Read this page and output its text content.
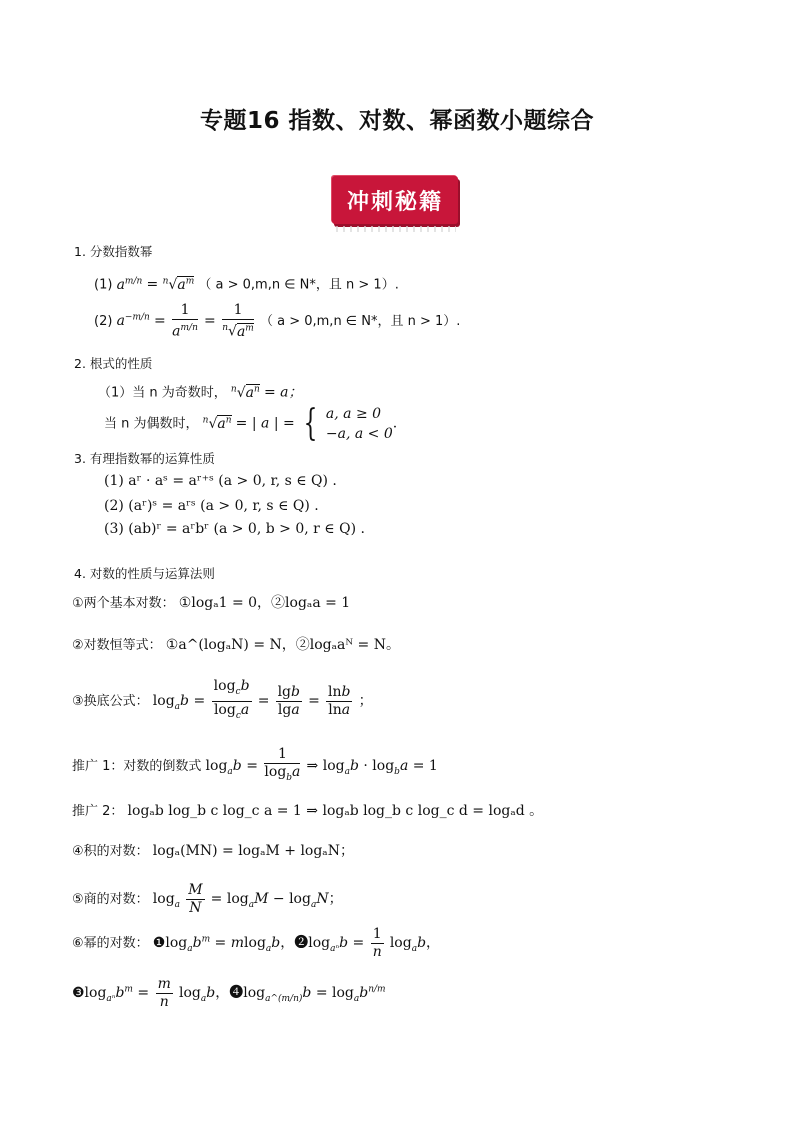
专题16 指数、对数、幂函数小题综合
冲刺秘籍
1. 分数指数幂
(1) $a^{m/n} = ^n√a^m$ （ a > 0,m,n ∈ N*，且 n > 1）.
(2) $a^{-m/n} = \frac{1}{a^{m/n}} = \frac{1}{^n√a^m}$ （ a > 0,m,n ∈ N*，且 n > 1）.
2. 根式的性质
（1）当 n 为奇数时， $^n√a^n = a$；
当 n 为偶数时， $^n√a^n$ = | a | = { a, a ≥ 0
−a, a < 0
.
3. 有理指数幂的运算性质
(1) aʳ · aˢ = aʳ⁺ˢ (a > 0, r, s ∈ Q) .
(2) (aʳ)ˢ = aʳˢ (a > 0, r, s ∈ Q) .
(3) (ab)ʳ = aʳbʳ (a > 0, b > 0, r ∈ Q) .
4. 对数的性质与运算法则
①两个基本对数： ①logₐ1 = 0，②logₐa = 1
②对数恒等式： ①a^(logₐN) = N，②logₐaᴺ = N。
③换底公式： $\log_ab = \frac{\log_cb}{\log_ca} = \frac{\lg b}{\lg a} = \frac{\ln b}{\ln a}$ ；
推广 1：对数的倒数式 $\log_ab = \frac{1}{\log_ba}$ ⇒ $\log_ab \cdot \log_ba = 1$
推广 2： logₐb log_b c log_c a = 1 ⇒ logₐb log_b c log_c d = logₐd 。
④积的对数： logₐ(MN) = logₐM + logₐN；
⑤商的对数： $\log_a \frac{M}{N} = \log_aM - \log_aN$；
⑥幂的对数： $❶\log_ab^m = mlog_ab$，$❷\log_{a^n}b = \frac{1}{n} \log_ab$，
$❸\log_{a^n}b^m = \frac{m}{n} \log_ab$，$❹\log_{a\^{}(m/n)}b = \log_ab^{n/m}$
